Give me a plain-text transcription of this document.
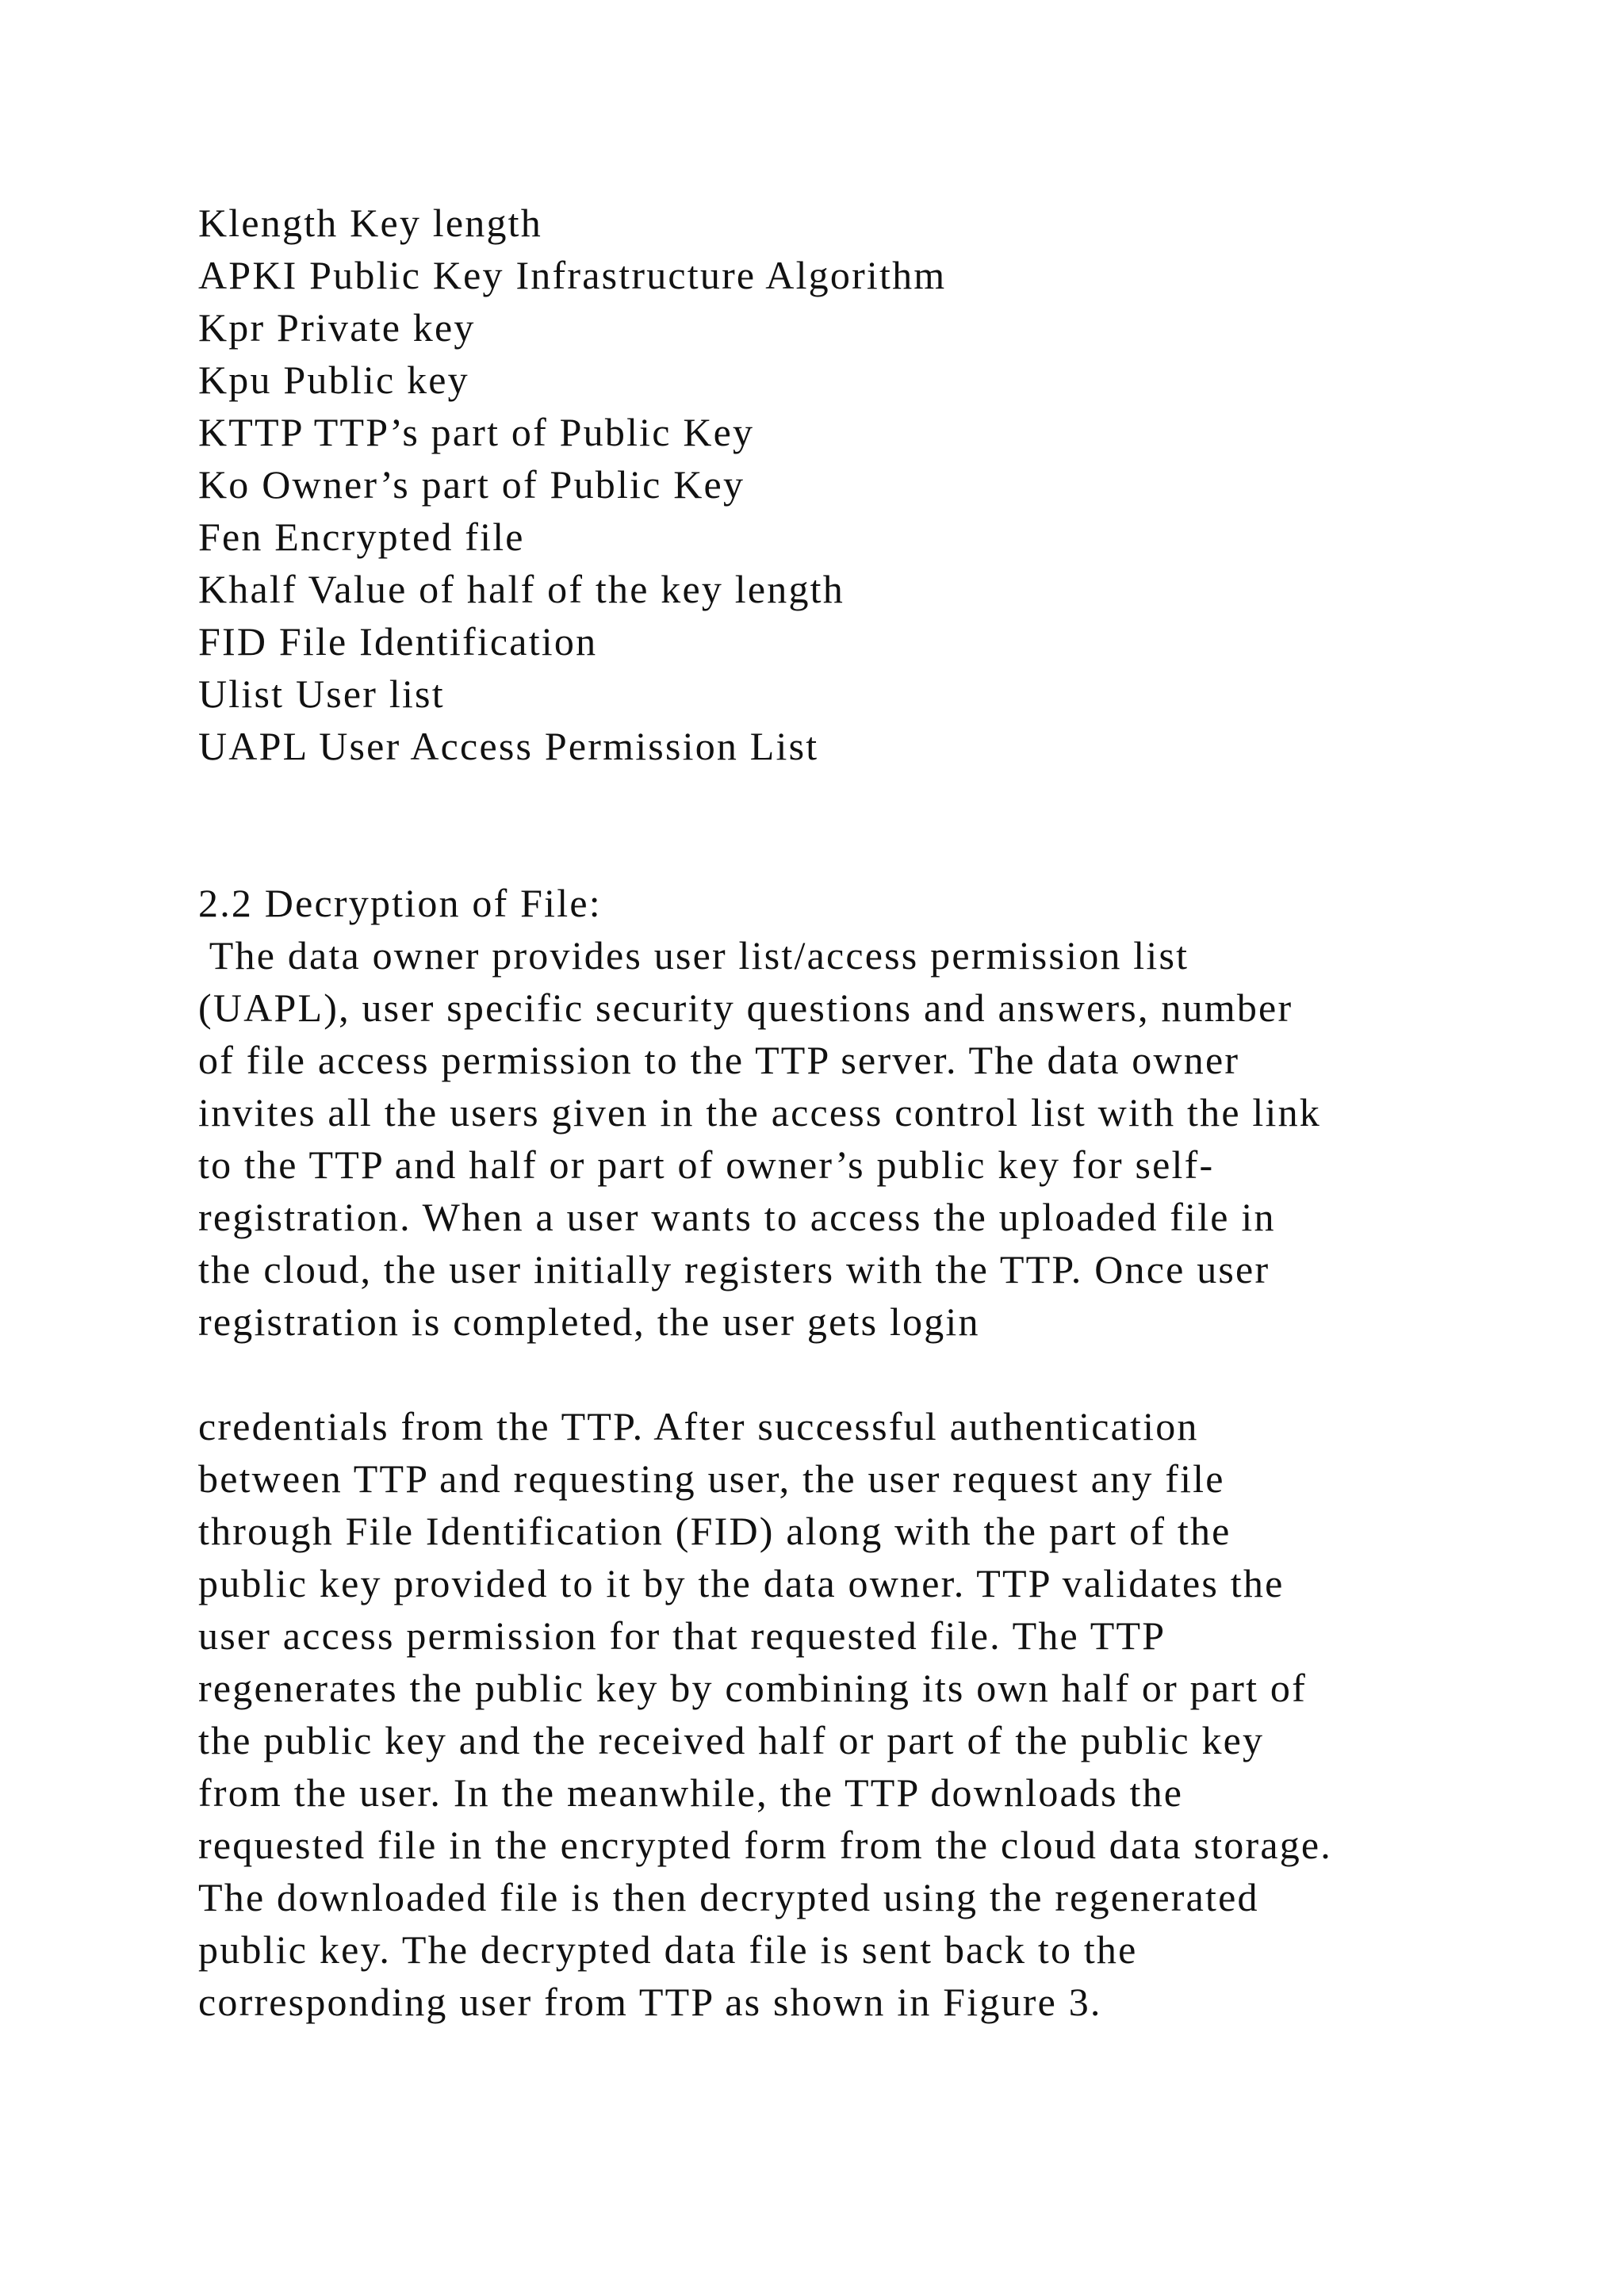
Klength Key length

APKI Public Key Infrastructure Algorithm

Kpr Private key

Kpu Public key

KTTP TTP’s part of Public Key

Ko Owner’s part of Public Key

Fen Encrypted file

Khalf Value of half of the key length

FID File Identification

Ulist User list

UAPL User Access Permission List

2.2 Decryption of File:

The data owner provides user list/access permission list

(UAPL), user specific security questions and answers, number

of file access permission to the TTP server. The data owner

invites all the users given in the access control list with the link

to the TTP and half or part of owner’s public key for self-

registration. When a user wants to access the uploaded file in

the cloud, the user initially registers with the TTP. Once user

registration is completed, the user gets login

credentials from the TTP. After successful authentication

between TTP and requesting user, the user request any file

through File Identification (FID) along with the part of the

public key provided to it by the data owner. TTP validates the

user access permission for that requested file. The TTP

regenerates the public key by combining its own half or part of

the public key and the received half or part of the public key

from the user. In the meanwhile, the TTP downloads the

requested file in the encrypted form from the cloud data storage.

The downloaded file is then decrypted using the regenerated

public key. The decrypted data file is sent back to the

corresponding user from TTP as shown in Figure 3.
